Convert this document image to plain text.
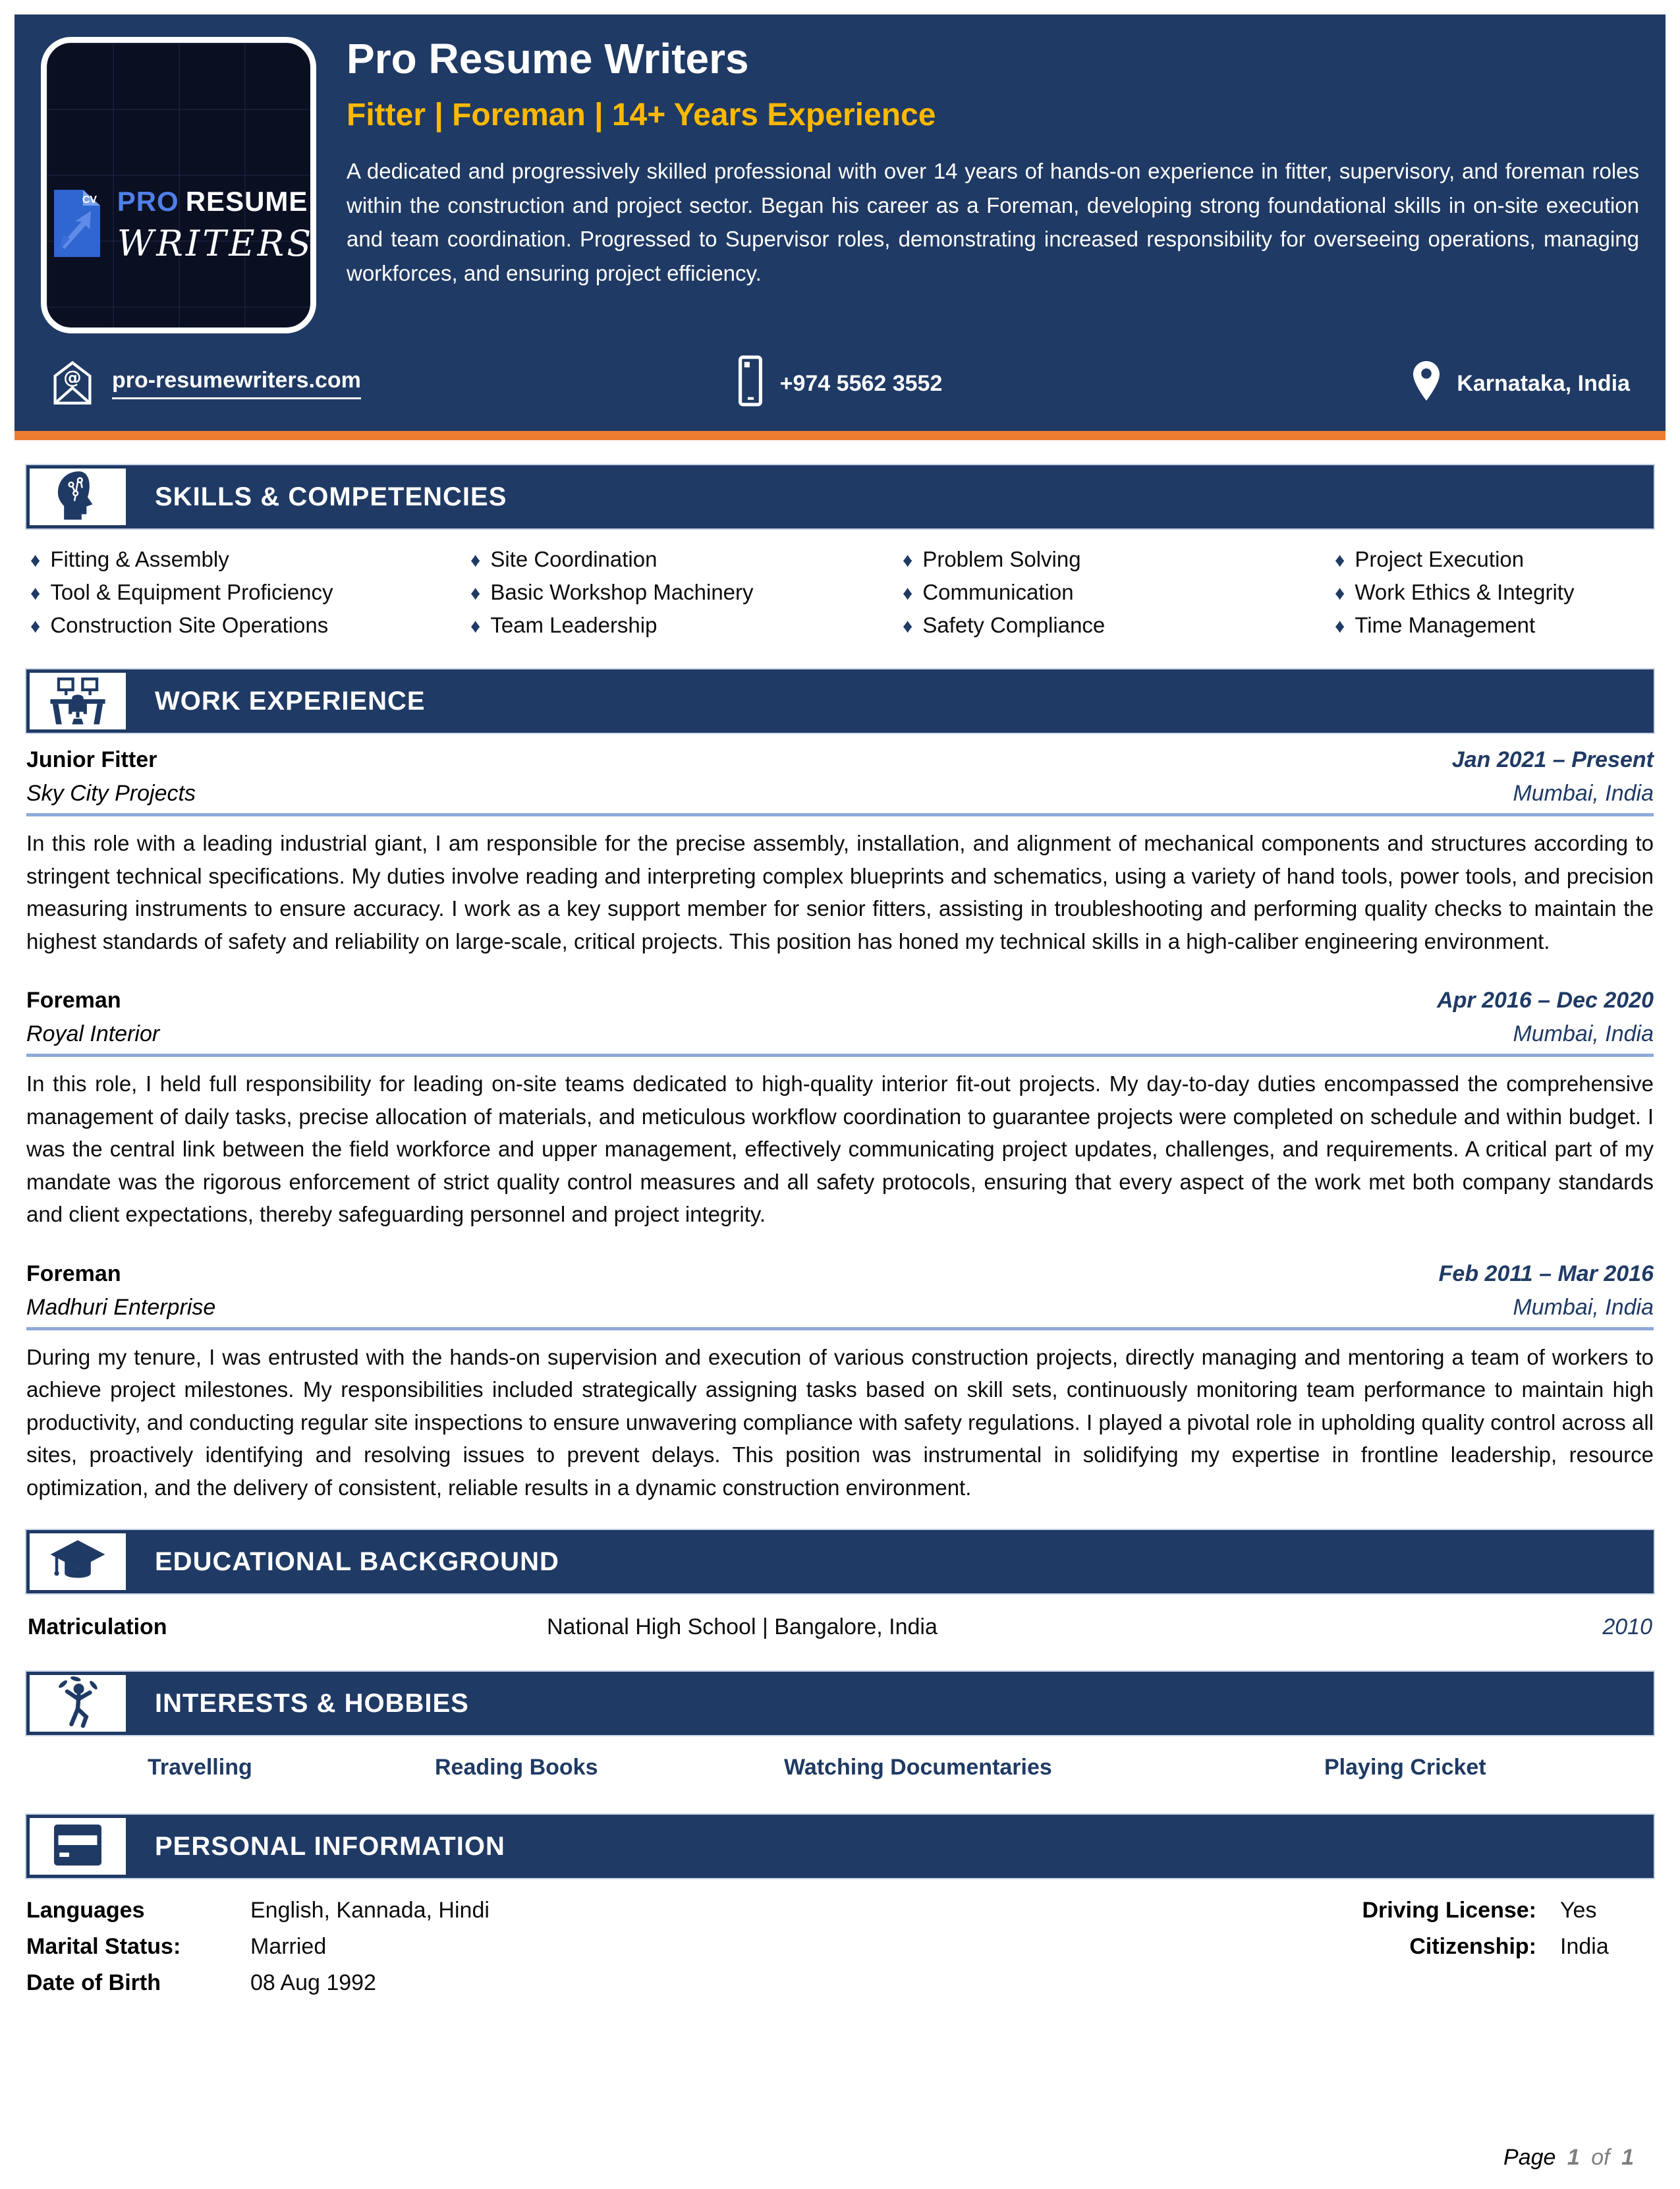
CV PRO RESUME
WRITERS
Pro Resume Writers
Fitter | Foreman | 14+ Years Experience
A dedicated and progressively skilled professional with over 14 years of hands-on experience in fitter, supervisory, and foreman roles within the construction and project sector. Began his career as a Foreman, developing strong foundational skills in on-site execution and team coordination. Progressed to Supervisor roles, demonstrating increased responsibility for overseeing operations, managing workforces, and ensuring project efficiency.
@ pro-resumewriters.com	+974 5562 3552	Karnataka, India
SKILLS & COMPETENCIES
♦ Fitting & Assembly
♦ Tool & Equipment Proficiency
♦ Construction Site Operations
♦ Site Coordination
♦ Basic Workshop Machinery
♦ Team Leadership
♦ Problem Solving
♦ Communication
♦ Safety Compliance
♦ Project Execution
♦ Work Ethics & Integrity
♦ Time Management
WORK EXPERIENCE
Junior Fitter	Jan 2021 – Present
Sky City Projects	Mumbai, India
In this role with a leading industrial giant, I am responsible for the precise assembly, installation, and alignment of mechanical components and structures according to stringent technical specifications. My duties involve reading and interpreting complex blueprints and schematics, using a variety of hand tools, power tools, and precision measuring instruments to ensure accuracy. I work as a key support member for senior fitters, assisting in troubleshooting and performing quality checks to maintain the highest standards of safety and reliability on large-scale, critical projects. This position has honed my technical skills in a high-caliber engineering environment.
Foreman	Apr 2016 – Dec 2020
Royal Interior	Mumbai, India
In this role, I held full responsibility for leading on-site teams dedicated to high-quality interior fit-out projects. My day-to-day duties encompassed the comprehensive management of daily tasks, precise allocation of materials, and meticulous workflow coordination to guarantee projects were completed on schedule and within budget. I was the central link between the field workforce and upper management, effectively communicating project updates, challenges, and requirements. A critical part of my mandate was the rigorous enforcement of strict quality control measures and all safety protocols, ensuring that every aspect of the work met both company standards and client expectations, thereby safeguarding personnel and project integrity.
Foreman	Feb 2011 – Mar 2016
Madhuri Enterprise	Mumbai, India
During my tenure, I was entrusted with the hands-on supervision and execution of various construction projects, directly managing and mentoring a team of workers to achieve project milestones. My responsibilities included strategically assigning tasks based on skill sets, continuously monitoring team performance to maintain high productivity, and conducting regular site inspections to ensure unwavering compliance with safety regulations. I played a pivotal role in upholding quality control across all sites, proactively identifying and resolving issues to prevent delays. This position was instrumental in solidifying my expertise in frontline leadership, resource optimization, and the delivery of consistent, reliable results in a dynamic construction environment.
EDUCATIONAL BACKGROUND
Matriculation	National High School | Bangalore, India	2010
INTERESTS & HOBBIES
Travelling	Reading Books	Watching Documentaries	Playing Cricket
PERSONAL INFORMATION
Languages	English, Kannada, Hindi
Marital Status:	Married
Date of Birth	08 Aug 1992
Driving License: Yes
Citizenship: India
Page 1 of 1
